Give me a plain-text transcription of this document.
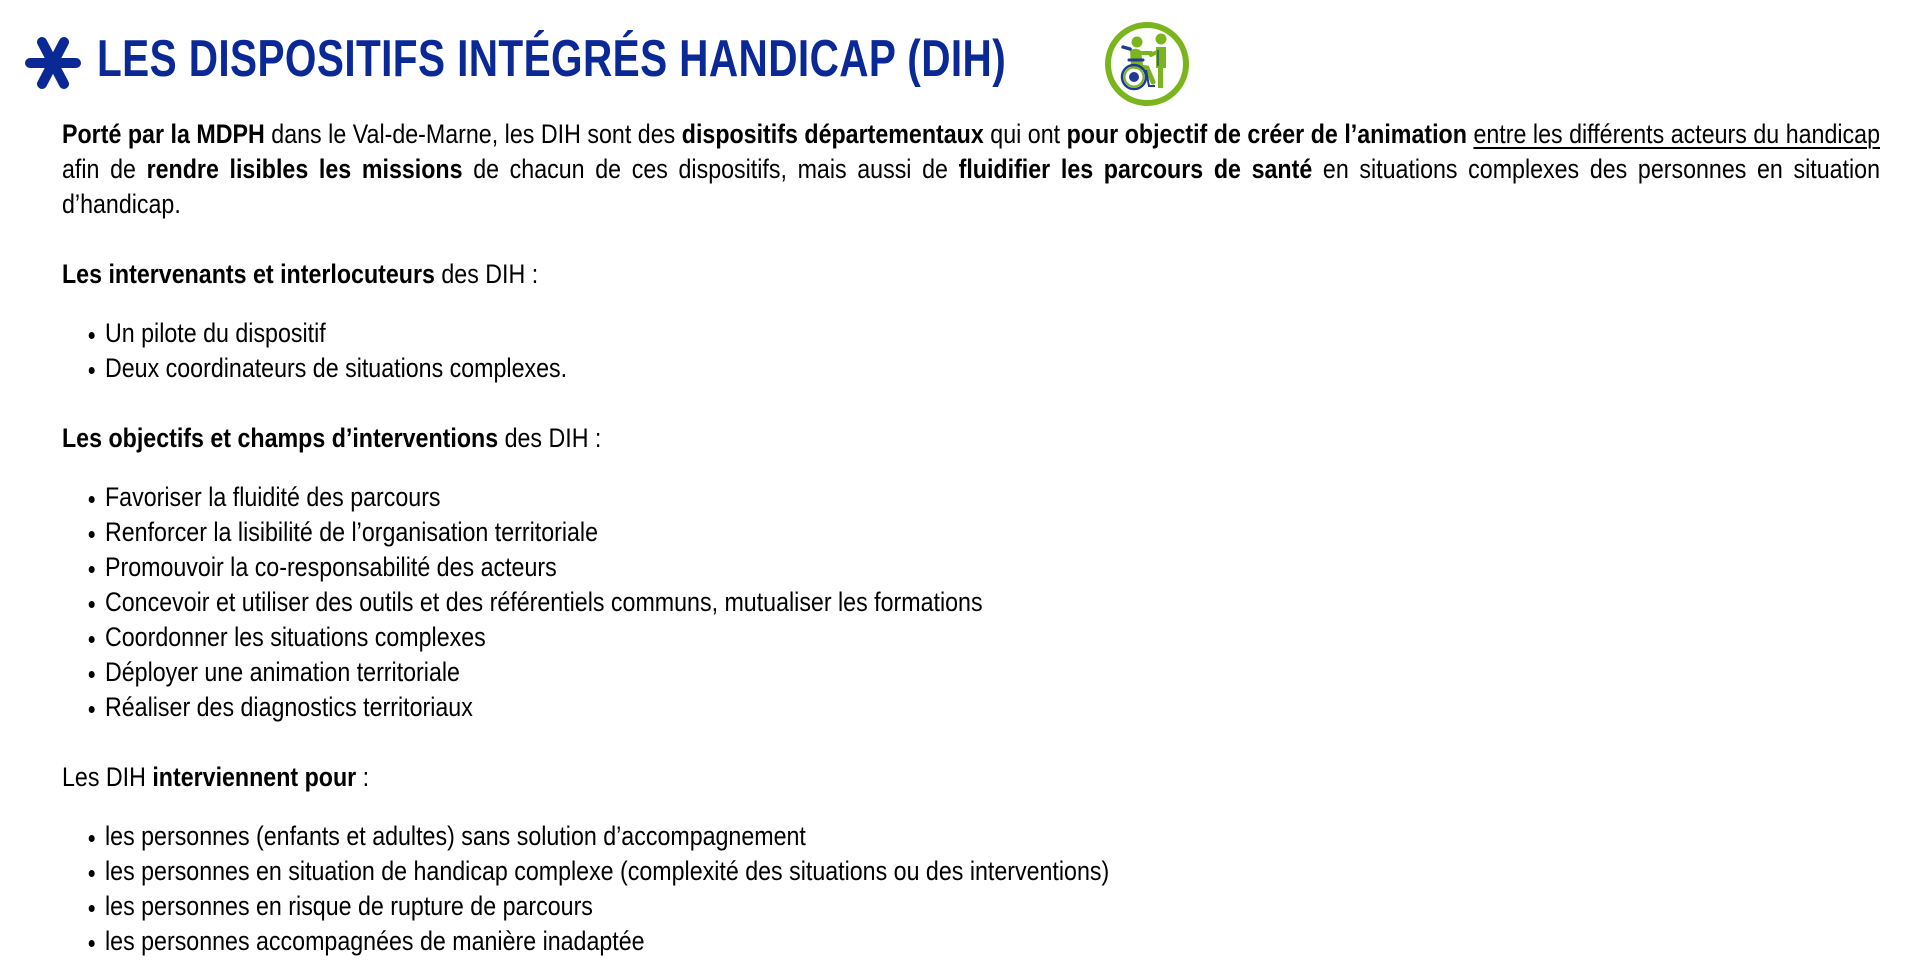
LES DISPOSITIFS INTÉGRÉS HANDICAP (DIH)

Porté par la MDPH dans le Val-de-Marne, les DIH sont des dispositifs départementaux qui ont pour objectif de créer de l’animation entre les différents acteurs du handicap afin de rendre lisibles les missions de chacun de ces dispositifs, mais aussi de fluidifier les parcours de santé en situations complexes des personnes en situation d’handicap.

Les intervenants et interlocuteurs des DIH :

Un pilote du dispositif
Deux coordinateurs de situations complexes.

Les objectifs et champs d’interventions des DIH :

Favoriser la fluidité des parcours
Renforcer la lisibilité de l’organisation territoriale
Promouvoir la co-responsabilité des acteurs
Concevoir et utiliser des outils et des référentiels communs, mutualiser les formations
Coordonner les situations complexes
Déployer une animation territoriale
Réaliser des diagnostics territoriaux

Les DIH interviennent pour :

les personnes (enfants et adultes) sans solution d’accompagnement
les personnes en situation de handicap complexe (complexité des situations ou des interventions)
les personnes en risque de rupture de parcours
les personnes accompagnées de manière inadaptée
